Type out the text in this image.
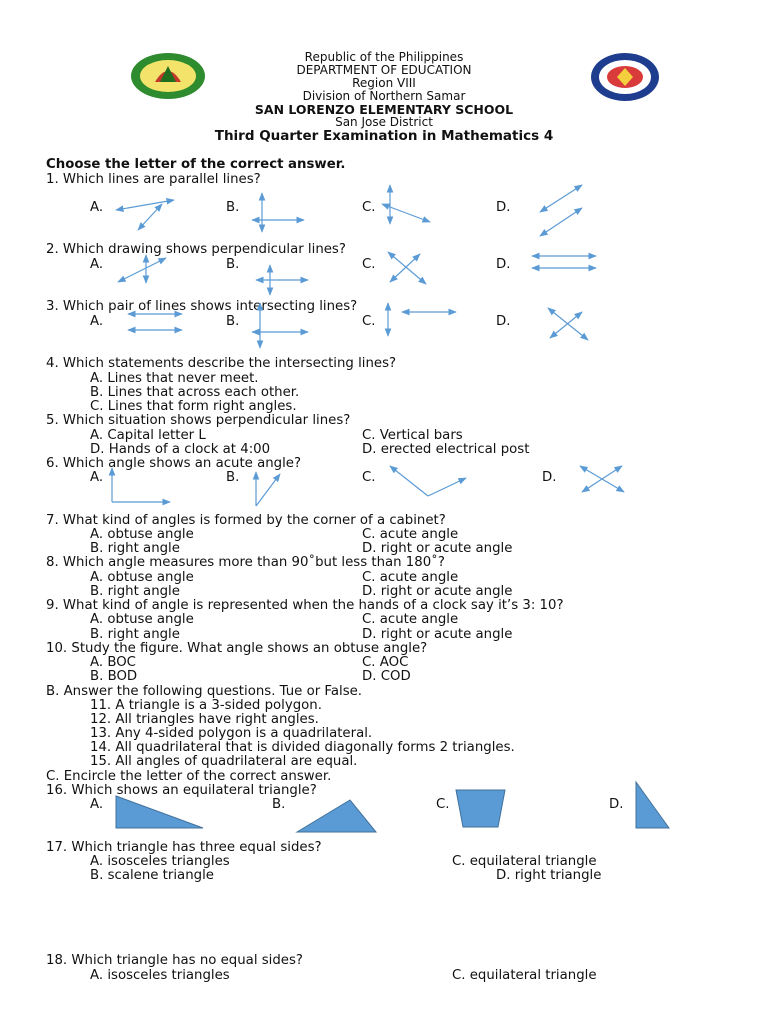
Republic of the Philippines
DEPARTMENT OF EDUCATION
Region VIII
Division of Northern Samar
SAN LORENZO ELEMENTARY SCHOOL
San Jose District
Third Quarter Examination in Mathematics 4
Choose the letter of the correct answer.
1. Which lines are parallel lines?
A.	B.	C.	D.
2. Which drawing shows perpendicular lines?
A.	B.	C.	D.
3. Which pair of lines shows intersecting lines?
A.	B.	C.	D.
4. Which statements describe the intersecting lines?
A. Lines that never meet.
B. Lines that across each other.
C. Lines that form right angles.
5. Which situation shows perpendicular lines?
A. Capital letter L	C. Vertical bars
D. Hands of a clock at 4:00	D. erected electrical post
6. Which angle shows an acute angle?
A.	B.	C.	D.
7. What kind of angles is formed by the corner of a cabinet?
A. obtuse angle	C. acute angle
B. right angle	D. right or acute angle
8. Which angle measures more than 90˚but less than 180˚?
A. obtuse angle	C. acute angle
B. right angle	D. right or acute angle
9. What kind of angle is represented when the hands of a clock say it’s 3: 10?
A. obtuse angle	C. acute angle
B. right angle	D. right or acute angle
10. Study the figure. What angle shows an obtuse angle?
A. BOC	C. AOC
B. BOD	D. COD
B. Answer the following questions. Tue or False.
11. A triangle is a 3-sided polygon.
12. All triangles have right angles.
13. Any 4-sided polygon is a quadrilateral.
14. All quadrilateral that is divided diagonally forms 2 triangles.
15. All angles of quadrilateral are equal.
C. Encircle the letter of the correct answer.
16. Which shows an equilateral triangle?
A.	B.	C.	D.
17. Which triangle has three equal sides?
A. isosceles triangles	C. equilateral triangle
B. scalene triangle	D. right triangle
18. Which triangle has no equal sides?
A. isosceles triangles	C. equilateral triangle
